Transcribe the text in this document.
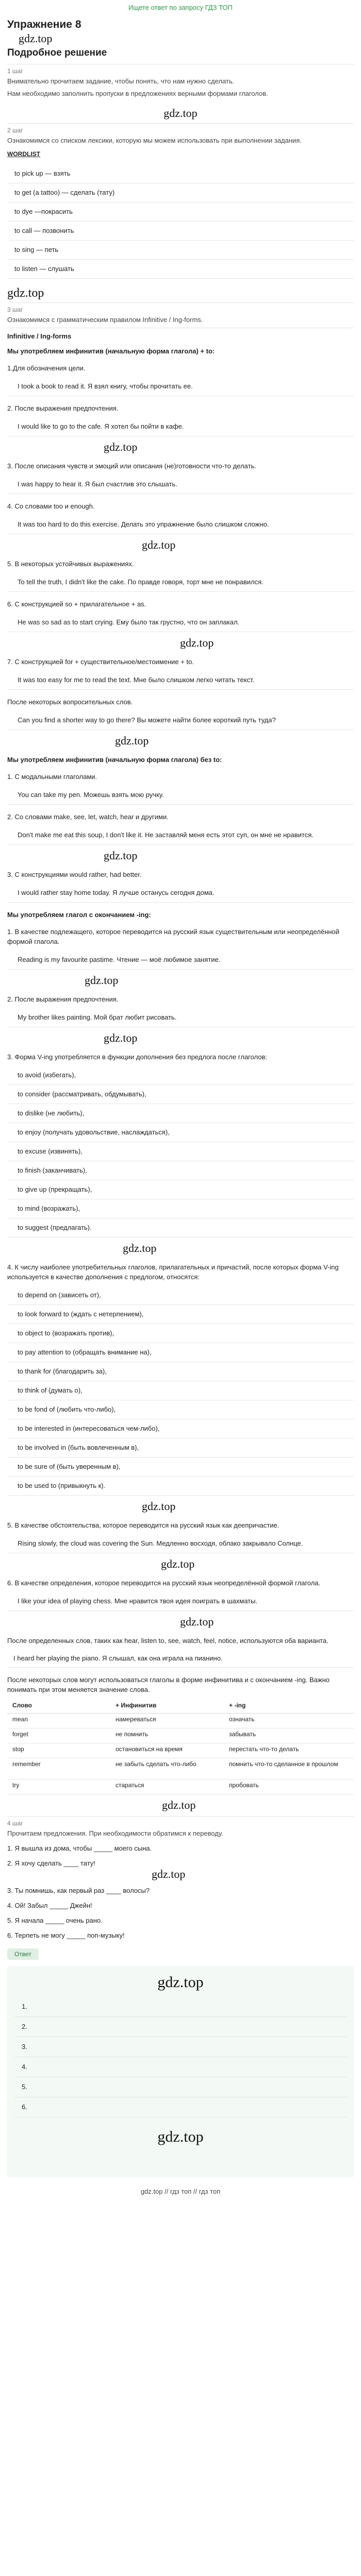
Ищете ответ по запросу ГДЗ ТОП
Упражнение 8
gdz.top
Подробное решение
1 шаг
Внимательно прочитаем задание, чтобы понять, что нам нужно сделать.
Нам необходимо заполнить пропуски в предложениях верными формами глаголов.
gdz.top
2 шаг
Ознакомимся со списком лексики, которую мы можем использовать при выполнении задания.
WORDLIST
to pick up — взять
to get (a tattoo) — сделать (тату)
to dye —покрасить
to call — позвонить
to sing — петь
to listen — слушать
gdz.top
3 шаг
Ознакомимся с грамматическим правилом Infinitive / Ing-forms.
Infinitive / Ing-forms
Мы употребляем инфинитив (начальную форма глагола) + to:
1.Для обозначения цели.
I took a book to read it. Я взял книгу, чтобы прочитать ее.
2. После выражения предпочтения.
I would like to go to the cafe. Я хотел бы пойти в кафе.
gdz.top
3. После описания чувств и эмоций или описания (не)готовности что-то делать.
I was happy to hear it. Я был счастлив это слышать.
4. Со словами too и enough.
It was too hard to do this exercise. Делать это упражнение было слишком сложно.
gdz.top
5. В некоторых устойчивых выражениях.
To tell the truth, I didn't like the cake. По правде говоря, торт мне не понравился.
6. С конструкцией so + прилагательное + as.
He was so sad as to start crying. Ему было так грустно, что он заплакал.
gdz.top
7. С конструкцией for + существительное/местоимение + to.
It was too easy for me to read the text. Мне было слишком легко читать текст.
После некоторых вопросительных слов.
Can you find a shorter way to go there? Вы можете найти более короткий путь туда?
gdz.top
Мы употребляем инфинитив (начальную форма глагола) без to:
1. С модальными глаголами.
You can take my pen. Можешь взять мою ручку.
2. Со словами make, see, let, watch, hear и другими.
Don't make me eat this soup, I don't like it. Не заставляй меня есть этот суп, он мне не нравится.
gdz.top
3. С конструкциями would rather, had better.
I would rather stay home today. Я лучше останусь сегодня дома.
Мы употребляем глагол с окончанием -ing:
1. В качестве подлежащего, которое переводится на русский язык существительным или неопределённой формой глагола.
Reading is my favourite pastime. Чтение — моё любимое занятие.
gdz.top
2. После выражения предпочтения.
My brother likes painting. Мой брат любит рисовать.
gdz.top
3. Форма V-ing употребляется в функции дополнения без предлога после глаголов:
to avoid (избегать),
to consider (рассматривать, обдумывать),
to dislike (не любить),
to enjoy (получать удовольствие, наслаждаться),
to excuse (извинять),
to finish (заканчивать),
to give up (прекращать),
to mind (возражать),
to suggest (предлагать).
gdz.top
4. К числу наиболее употребительных глаголов, прилагательных и причастий, после которых форма V-ing используется в качестве дополнения с предлогом, относятся:
to depend on (зависеть от),
to look forward to (ждать с нетерпением),
to object to (возражать против),
to pay attention to (обращать внимание на),
to thank for (благодарить за),
to think of (думать о),
to be fond of (любить что-либо),
to be interested in (интересоваться чем-либо),
to be involved in (быть вовлеченным в),
to be sure of (быть уверенным в),
to be used to (привыкнуть к).
gdz.top
5. В качестве обстоятельства, которое переводится на русский язык как деепричастие.
Rising slowly, the cloud was covering the Sun. Медленно восходя, облако закрывало Солнце.
gdz.top
6. В качестве определения, которое переводится на русский язык неопределённой формой глагола.
I like your idea of playing chess. Мне нравится твоя идея поиграть в шахматы.
gdz.top
После определенных слов, таких как hear, listen to, see, watch, feel, notice, используются оба варианта.
I heard her playing the piano. Я слышал, как она играла на пианино.
После некоторых слов могут использоваться глаголы в форме инфинитива и с окончанием -ing. Важно понимать при этом меняется значение слова.
Слово	+ Инфинитив	+ -ing
mean	намереваться	означать
forget	не помнить	забывать
stop	остановиться на время	перестать что-то делать
remember	не забыть сделать что-либо	помнить что-то сделанное в прошлом
try	стараться	пробовать
gdz.top
4 шаг
Прочитаем предложения. При необходимости обратимся к переводу.
1. Я вышла из дома, чтобы _____ моего сына.
2. Я хочу сделать ____ тату!
gdz.top
3. Ты помнишь, как первый раз ____ волосы?
4. Ой! Забыл _____ Джейн!
5. Я начала _____ очень рано.
6. Терпеть не могу _____ поп-музыку!
Ответ
gdz.top
1.
2.
3.
4.
5.
6.
gdz.top
gdz.top // гдз топ // гдз топ
